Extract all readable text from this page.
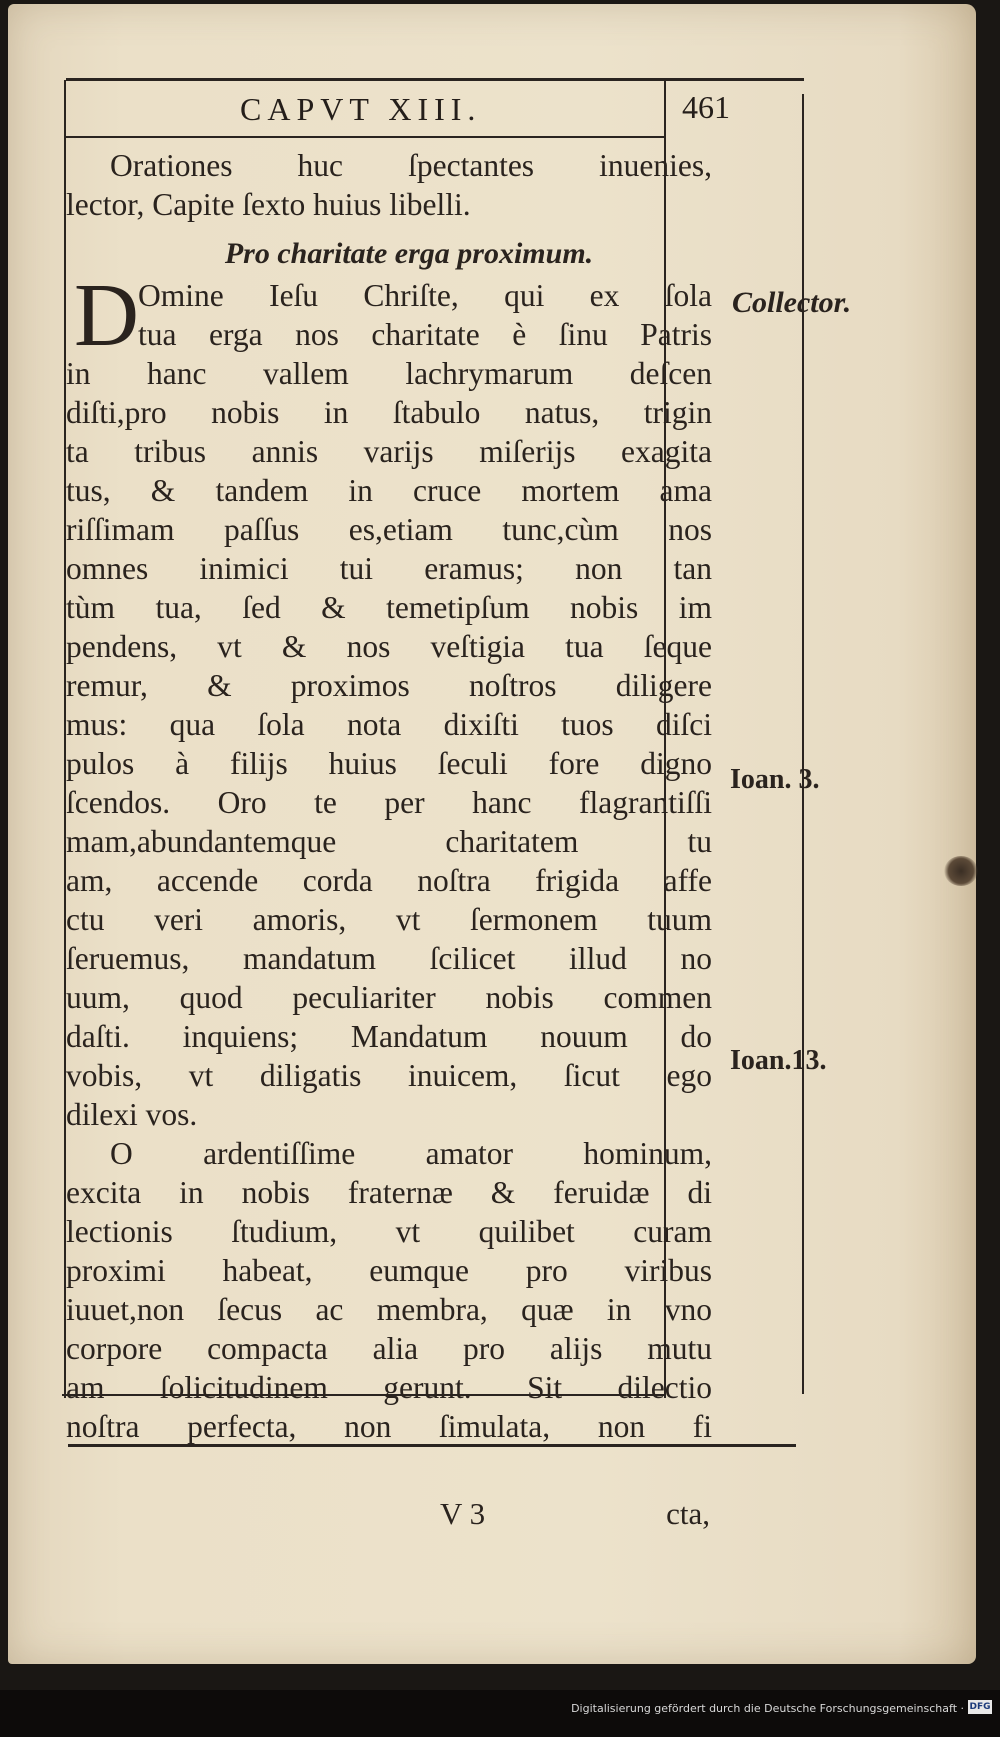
CAPVT XIII.	461
Orationes huc ſpectantes inuenies,
lector, Capite ſexto huius libelli.
Pro charitate erga proximum.
D Omine Ieſu Chriſte, qui ex ſola
tua erga nos charitate è ſinu Patris
in hanc vallem lachrymarum deſcen
diſti,pro nobis in ſtabulo natus, trigin
ta tribus annis varijs miſerijs exagita
tus, & tandem in cruce mortem ama
riſſimam paſſus es,etiam tunc,cùm nos
omnes inimici tui eramus; non tan
tùm tua, ſed & temetipſum nobis im
pendens, vt & nos veſtigia tua ſeque
remur, & proximos noſtros diligere
mus: qua ſola nota dixiſti tuos diſci
pulos à filijs huius ſeculi fore digno
ſcendos. Oro te per hanc flagrantiſſi
mam,abundantemque charitatem tu
am, accende corda noſtra frigida affe
ctu veri amoris, vt ſermonem tuum
ſeruemus, mandatum ſcilicet illud no
uum, quod peculiariter nobis commen
daſti. inquiens; Mandatum nouum do
vobis, vt diligatis inuicem, ſicut ego
dilexi vos.
O ardentiſſime amator hominum,
excita in nobis fraternæ & feruidæ di
lectionis ſtudium, vt quilibet curam
proximi habeat, eumque pro viribus
iuuet,non ſecus ac membra, quæ in vno
corpore compacta alia pro alijs mutu
am ſolicitudinem gerunt. Sit dilectio
noſtra perfecta, non ſimulata, non fi
Collector.
Ioan. 3.
Ioan.13.
V 3	cta,
Digitalisierung gefördert durch die Deutsche Forschungsgemeinschaft · DFG
